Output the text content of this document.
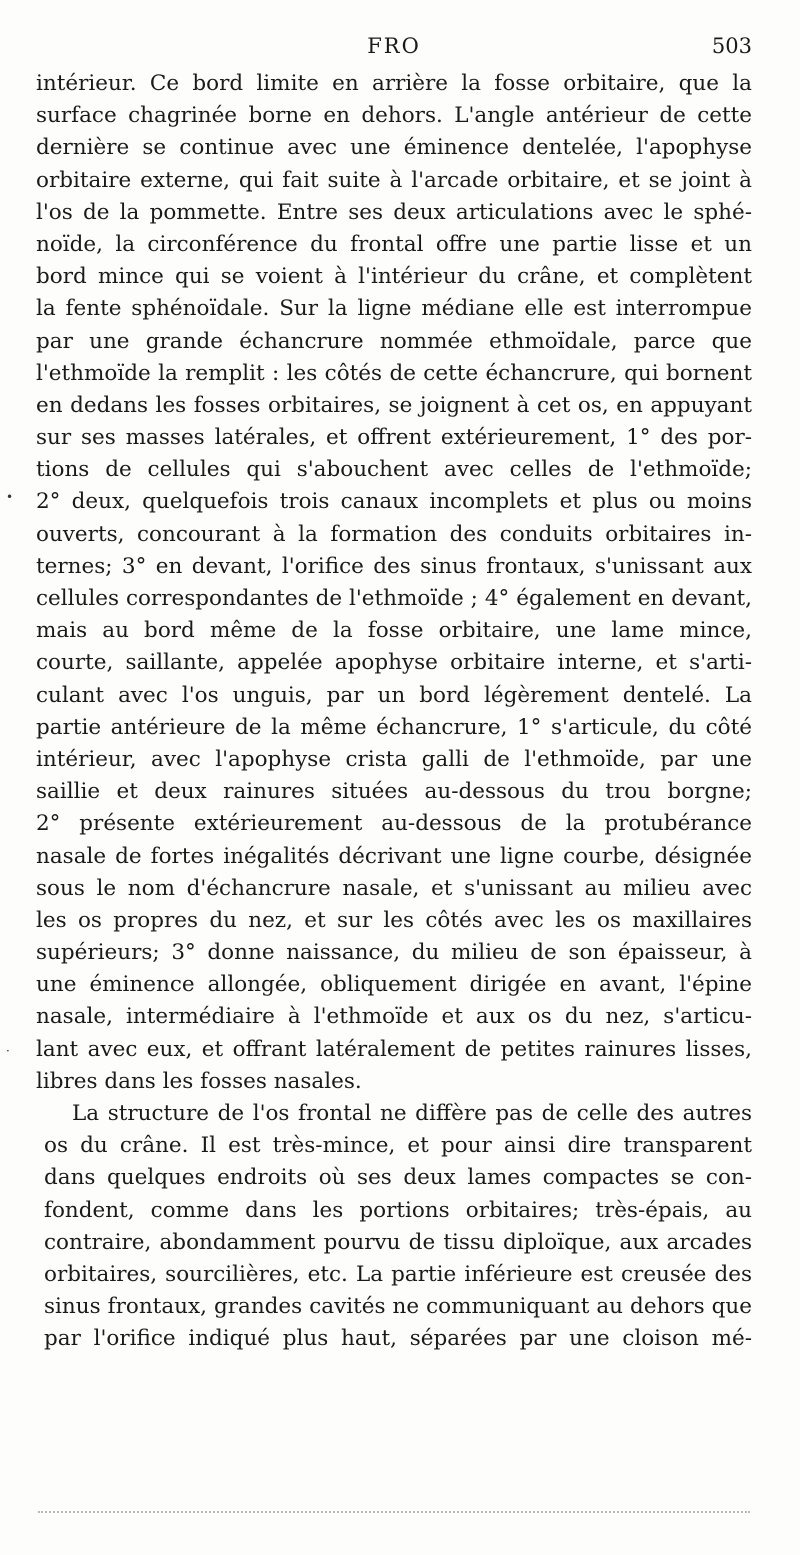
FRO	503
•
·
intérieur. Ce bord limite en arrière la fosse orbitaire, que la
surface chagrinée borne en dehors. L'angle antérieur de cette
dernière se continue avec une éminence dentelée, l'apophyse
orbitaire externe, qui fait suite à l'arcade orbitaire, et se joint à
l'os de la pommette. Entre ses deux articulations avec le sphé-
noïde, la circonférence du frontal offre une partie lisse et un
bord mince qui se voient à l'intérieur du crâne, et complètent
la fente sphénoïdale. Sur la ligne médiane elle est interrompue
par une grande échancrure nommée ethmoïdale, parce que
l'ethmoïde la remplit : les côtés de cette échancrure, qui bornent
en dedans les fosses orbitaires, se joignent à cet os, en appuyant
sur ses masses latérales, et offrent extérieurement, 1° des por-
tions de cellules qui s'abouchent avec celles de l'ethmoïde;
2° deux, quelquefois trois canaux incomplets et plus ou moins
ouverts, concourant à la formation des conduits orbitaires in-
ternes; 3° en devant, l'orifice des sinus frontaux, s'unissant aux
cellules correspondantes de l'ethmoïde ; 4° également en devant,
mais au bord même de la fosse orbitaire, une lame mince,
courte, saillante, appelée apophyse orbitaire interne, et s'arti-
culant avec l'os unguis, par un bord légèrement dentelé. La
partie antérieure de la même échancrure, 1° s'articule, du côté
intérieur, avec l'apophyse crista galli de l'ethmoïde, par une
saillie et deux rainures situées au-dessous du trou borgne;
2° présente extérieurement au-dessous de la protubérance
nasale de fortes inégalités décrivant une ligne courbe, désignée
sous le nom d'échancrure nasale, et s'unissant au milieu avec
les os propres du nez, et sur les côtés avec les os maxillaires
supérieurs; 3° donne naissance, du milieu de son épaisseur, à
une éminence allongée, obliquement dirigée en avant, l'épine
nasale, intermédiaire à l'ethmoïde et aux os du nez, s'articu-
lant avec eux, et offrant latéralement de petites rainures lisses,
libres dans les fosses nasales.
La structure de l'os frontal ne diffère pas de celle des autres
os du crâne. Il est très-mince, et pour ainsi dire transparent
dans quelques endroits où ses deux lames compactes se con-
fondent, comme dans les portions orbitaires; très-épais, au
contraire, abondamment pourvu de tissu diploïque, aux arcades
orbitaires, sourcilières, etc. La partie inférieure est creusée des
sinus frontaux, grandes cavités ne communiquant au dehors que
par l'orifice indiqué plus haut, séparées par une cloison mé-
